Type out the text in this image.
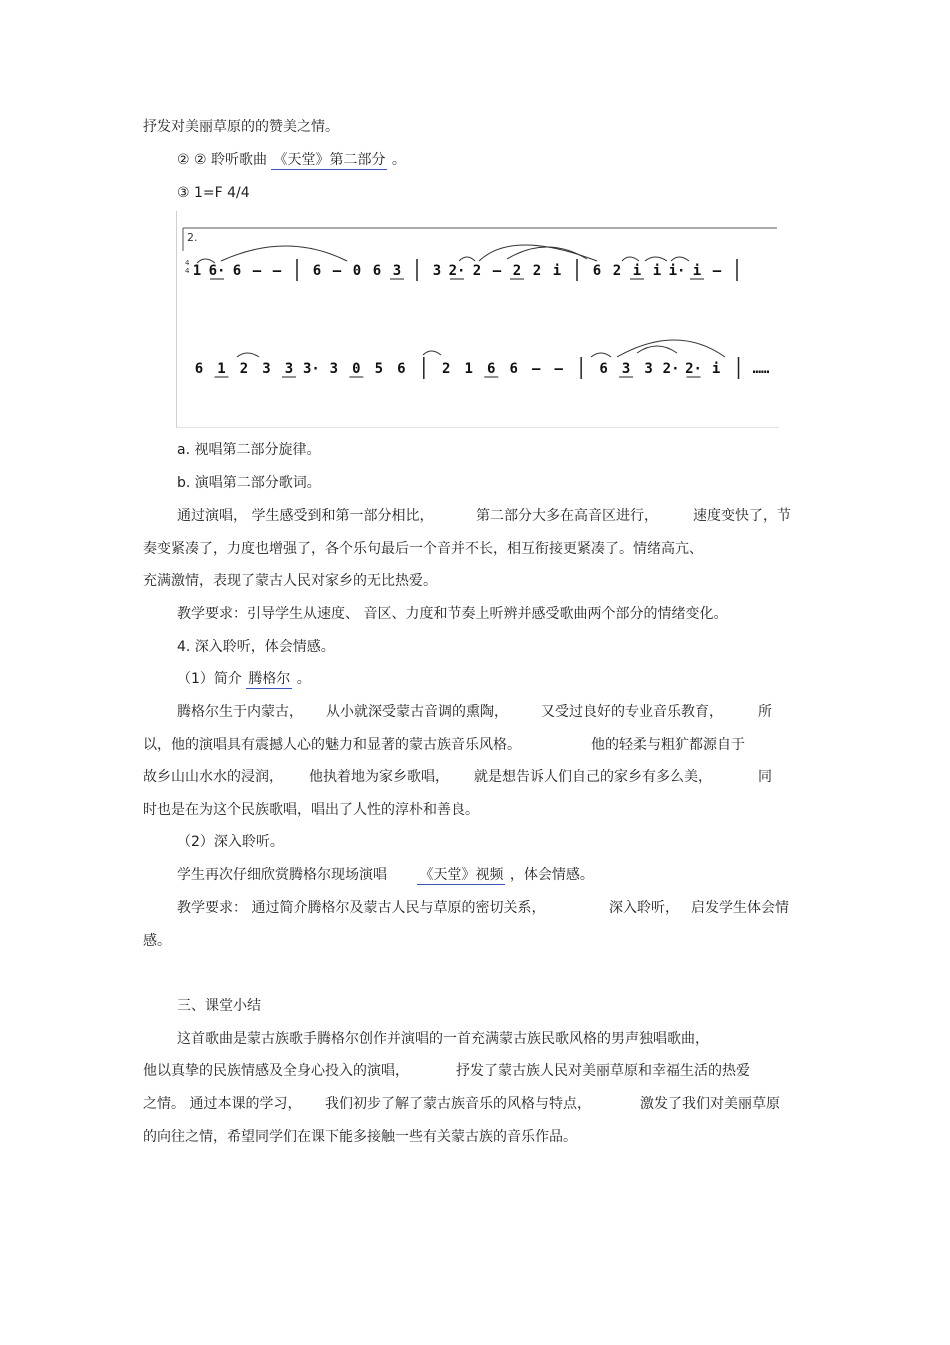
抒发对美丽草原的的赞美之情。
② ② 聆听歌曲 《天堂》第二部分 。
③ 1=F 4/4
2.
4
4 1 6· 6 – – 6 – 0 6 3 3 2· 2 – 2 2 i 6 2 i i i· i –
6 1 2 3 3 3· 3 0 5 6	2 1 6 6 – –	6 3 3 2· 2· i ……
a. 视唱第二部分旋律。
b. 演唱第二部分歌词。
通过演唱， 学生感受到和第一部分相比，	第二部分大多在高音区进行，	速度变快了，节
奏变紧凑了，力度也增强了，各个乐句最后一个音并不长，相互衔接更紧凑了。情绪高亢、
充满激情，表现了蒙古人民对家乡的无比热爱。
教学要求：引导学生从速度、 音区、力度和节奏上听辨并感受歌曲两个部分的情绪变化。
4. 深入聆听，体会情感。
（1）简介 腾格尔 。
腾格尔生于内蒙古， 从小就深受蒙古音调的熏陶， 又受过良好的专业音乐教育，	所
以，他的演唱具有震撼人心的魅力和显著的蒙古族音乐风格。	他的轻柔与粗犷都源自于
故乡山山水水的浸润， 他执着地为家乡歌唱， 就是想告诉人们自己的家乡有多么美，	同
时也是在为这个民族歌唱，唱出了人性的淳朴和善良。
（2）深入聆听。
学生再次仔细欣赏腾格尔现场演唱 《天堂》视频 ，体会情感。
教学要求： 通过简介腾格尔及蒙古人民与草原的密切关系，	深入聆听， 启发学生体会情
感。
三、课堂小结
这首歌曲是蒙古族歌手腾格尔创作并演唱的一首充满蒙古族民歌风格的男声独唱歌曲，
他以真挚的民族情感及全身心投入的演唱，	抒发了蒙古族人民对美丽草原和幸福生活的热爱
之情。 通过本课的学习， 我们初步了解了蒙古族音乐的风格与特点，	激发了我们对美丽草原
的向往之情，希望同学们在课下能多接触一些有关蒙古族的音乐作品。
